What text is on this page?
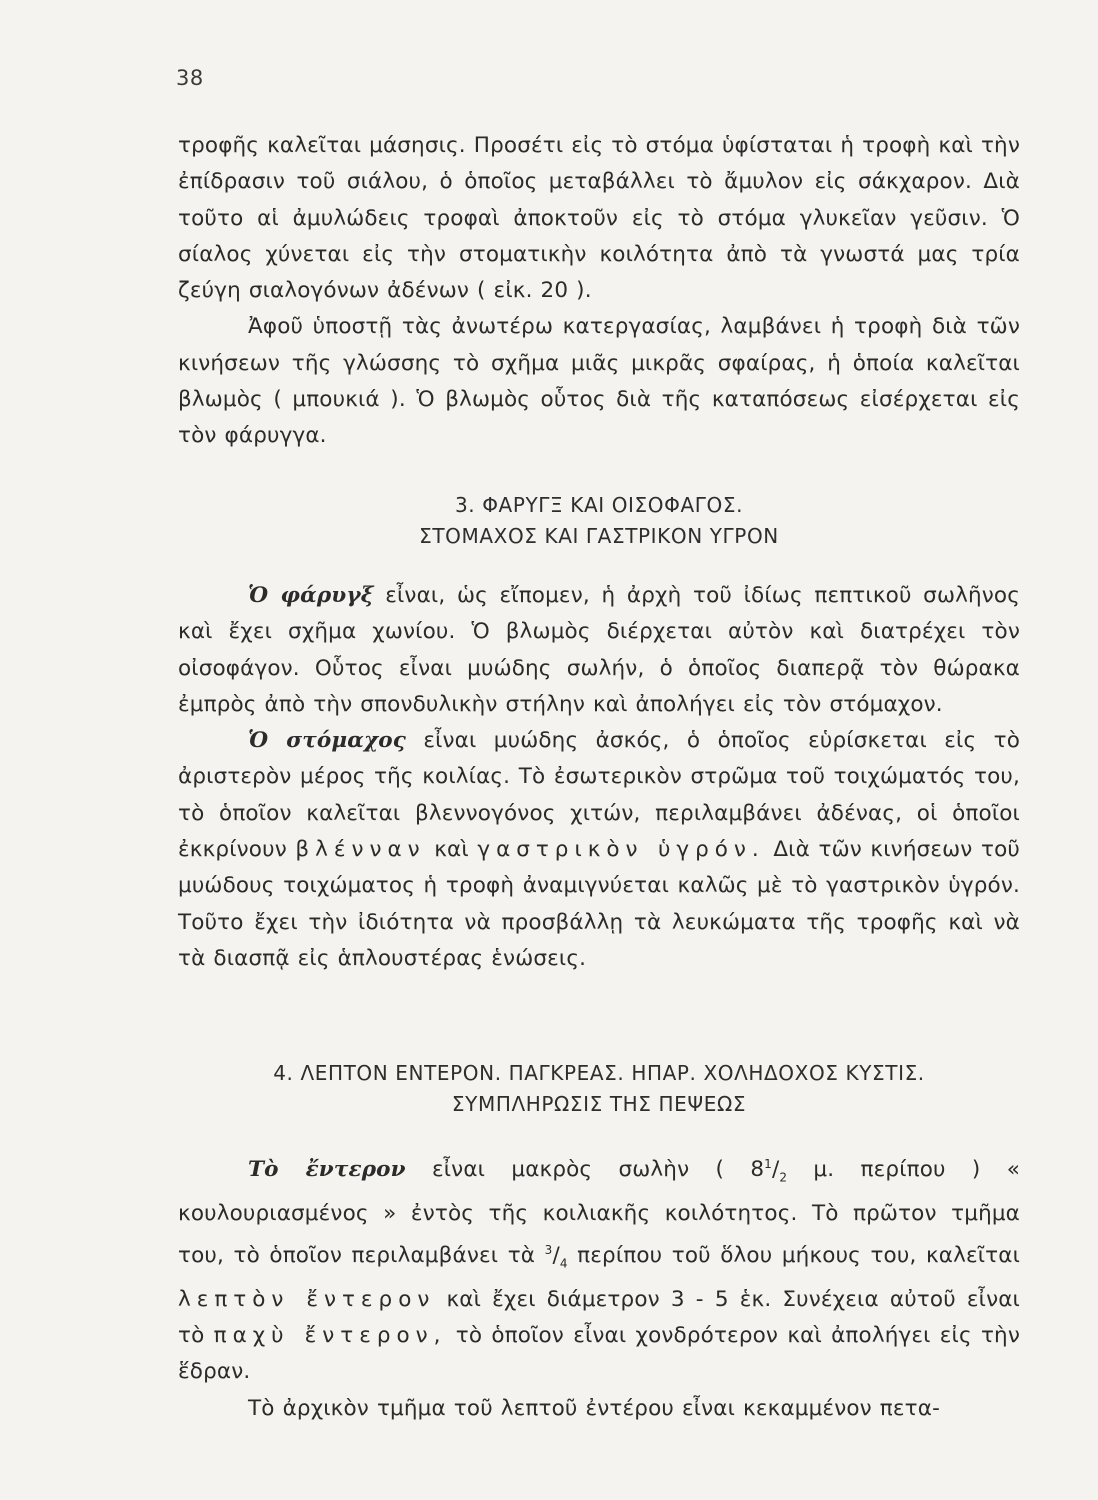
38

τροφῆς καλεῖται μάσησις. Προσέτι εἰς τὸ στόμα ὑφίσταται ἡ τροφὴ καὶ τὴν ἐπίδρασιν τοῦ σιάλου, ὁ ὁποῖος μεταβάλλει τὸ ἄμυλον εἰς σάκχαρον. Διὰ τοῦτο αἱ ἀμυλώδεις τροφαὶ ἀποκτοῦν εἰς τὸ στόμα γλυκεῖαν γεῦσιν. Ὁ σίαλος χύνεται εἰς τὴν στοματικὴν κοιλότητα ἀπὸ τὰ γνωστά μας τρία ζεύγη σιαλογόνων ἀδένων ( εἰκ. 20 ).

Ἀφοῦ ὑποστῇ τὰς ἀνωτέρω κατεργασίας, λαμβάνει ἡ τροφὴ διὰ τῶν κινήσεων τῆς γλώσσης τὸ σχῆμα μιᾶς μικρᾶς σφαίρας, ἡ ὁποία καλεῖται βλωμὸς ( μπουκιά ). Ὁ βλωμὸς οὗτος διὰ τῆς καταπόσεως εἰσέρχεται εἰς τὸν φάρυγγα.

3. ΦΑΡΥΓΞ ΚΑΙ ΟΙΣΟΦΑΓΟΣ.
ΣΤΟΜΑΧΟΣ ΚΑΙ ΓΑΣΤΡΙΚΟΝ ΥΓΡΟΝ

Ὁ φάρυγξ εἶναι, ὡς εἴπομεν, ἡ ἀρχὴ τοῦ ἰδίως πεπτικοῦ σωλῆνος καὶ ἔχει σχῆμα χωνίου. Ὁ βλωμὸς διέρχεται αὐτὸν καὶ διατρέχει τὸν οἰσοφάγον. Οὗτος εἶναι μυώδης σωλήν, ὁ ὁποῖος διαπερᾷ τὸν θώρακα ἐμπρὸς ἀπὸ τὴν σπονδυλικὴν στήλην καὶ ἀπολήγει εἰς τὸν στόμαχον.

Ὁ στόμαχος εἶναι μυώδης ἀσκός, ὁ ὁποῖος εὑρίσκεται εἰς τὸ ἀριστερὸν μέρος τῆς κοιλίας. Τὸ ἐσωτερικὸν στρῶμα τοῦ τοιχώματός του, τὸ ὁποῖον καλεῖται βλεννογόνος χιτών, περιλαμβάνει ἀδένας, οἱ ὁποῖοι ἐκκρίνουν βλένναν καὶ γαστρικὸν ὑγρόν. Διὰ τῶν κινήσεων τοῦ μυώδους τοιχώματος ἡ τροφὴ ἀναμιγνύεται καλῶς μὲ τὸ γαστρικὸν ὑγρόν. Τοῦτο ἔχει τὴν ἰδιότητα νὰ προσβάλλῃ τὰ λευκώματα τῆς τροφῆς καὶ νὰ τὰ διασπᾷ εἰς ἁπλουστέρας ἑνώσεις.

4. ΛΕΠΤΟΝ ΕΝΤΕΡΟΝ. ΠΑΓΚΡΕΑΣ. ΗΠΑΡ. ΧΟΛΗΔΟΧΟΣ ΚΥΣΤΙΣ.
ΣΥΜΠΛΗΡΩΣΙΣ ΤΗΣ ΠΕΨΕΩΣ

Τὸ ἔντερον εἶναι μακρὸς σωλὴν ( $8^1/_2$ μ. περίπου ) « κουλουριασμένος » ἐντὸς τῆς κοιλιακῆς κοιλότητος. Τὸ πρῶτον τμῆμα του, τὸ ὁποῖον περιλαμβάνει τὰ $^3/_4$ περίπου τοῦ ὅλου μήκους του, καλεῖται λεπτὸν ἔντερον καὶ ἔχει διάμετρον 3 - 5 ἑκ. Συνέχεια αὐτοῦ εἶναι τὸ παχὺ ἔντερον, τὸ ὁποῖον εἶναι χονδρότερον καὶ ἀπολήγει εἰς τὴν ἕδραν.

Τὸ ἀρχικὸν τμῆμα τοῦ λεπτοῦ ἐντέρου εἶναι κεκαμμένον πετα-
